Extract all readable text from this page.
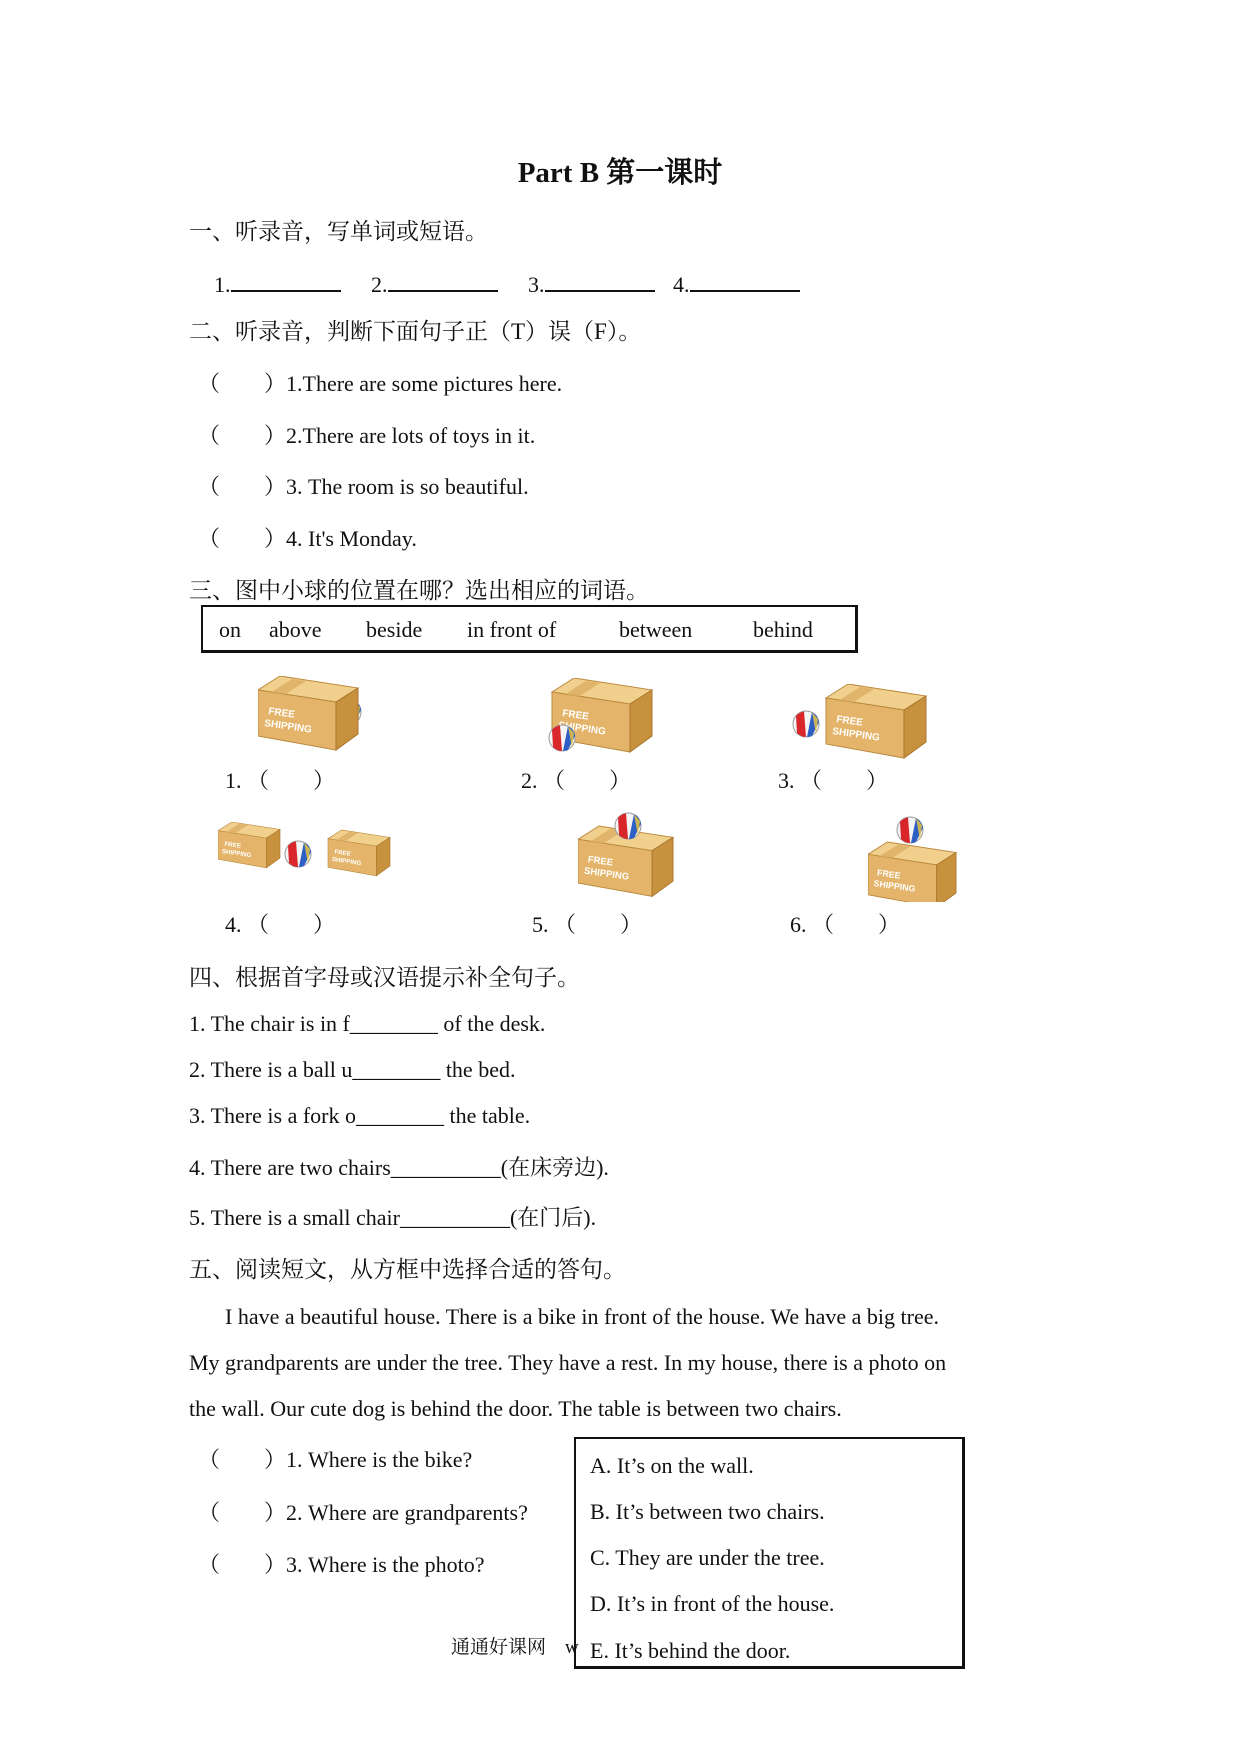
Part B 第一课时
一、听录音，写单词或短语。
1.	2.	3.	4.
二、听录音，判断下面句子正（T）误（F）。
（　　）1.There are some pictures here.
（　　）2.There are lots of toys in it.
（　　）3. The room is so beautiful.
（　　）4. It's Monday.
三、图中小球的位置在哪？选出相应的词语。
on above beside in front of	between	behind
1. （　　）	2. （　　）	3. （　　）
4. （　　）	5. （　　）	6. （　　）
四、根据首字母或汉语提示补全句子。
1. The chair is in f________ of the desk.
2. There is a ball u________ the bed.
3. There is a fork o________ the table.
4. There are two chairs__________(在床旁边).
5. There is a small chair__________(在门后).
五、阅读短文，从方框中选择合适的答句。
I have a beautiful house. There is a bike in front of the house. We have a big tree.
My grandparents are under the tree. They have a rest. In my house, there is a photo on
the wall. Our cute dog is behind the door. The table is between two chairs.
（　　）1. Where is the bike?
（　　）2. Where are grandparents?
（　　）3. Where is the photo?
A. It’s on the wall.
B. It’s between two chairs.
C. They are under the tree.
D. It’s in front of the house.
E. It’s behind the door.
通通好课网　w
